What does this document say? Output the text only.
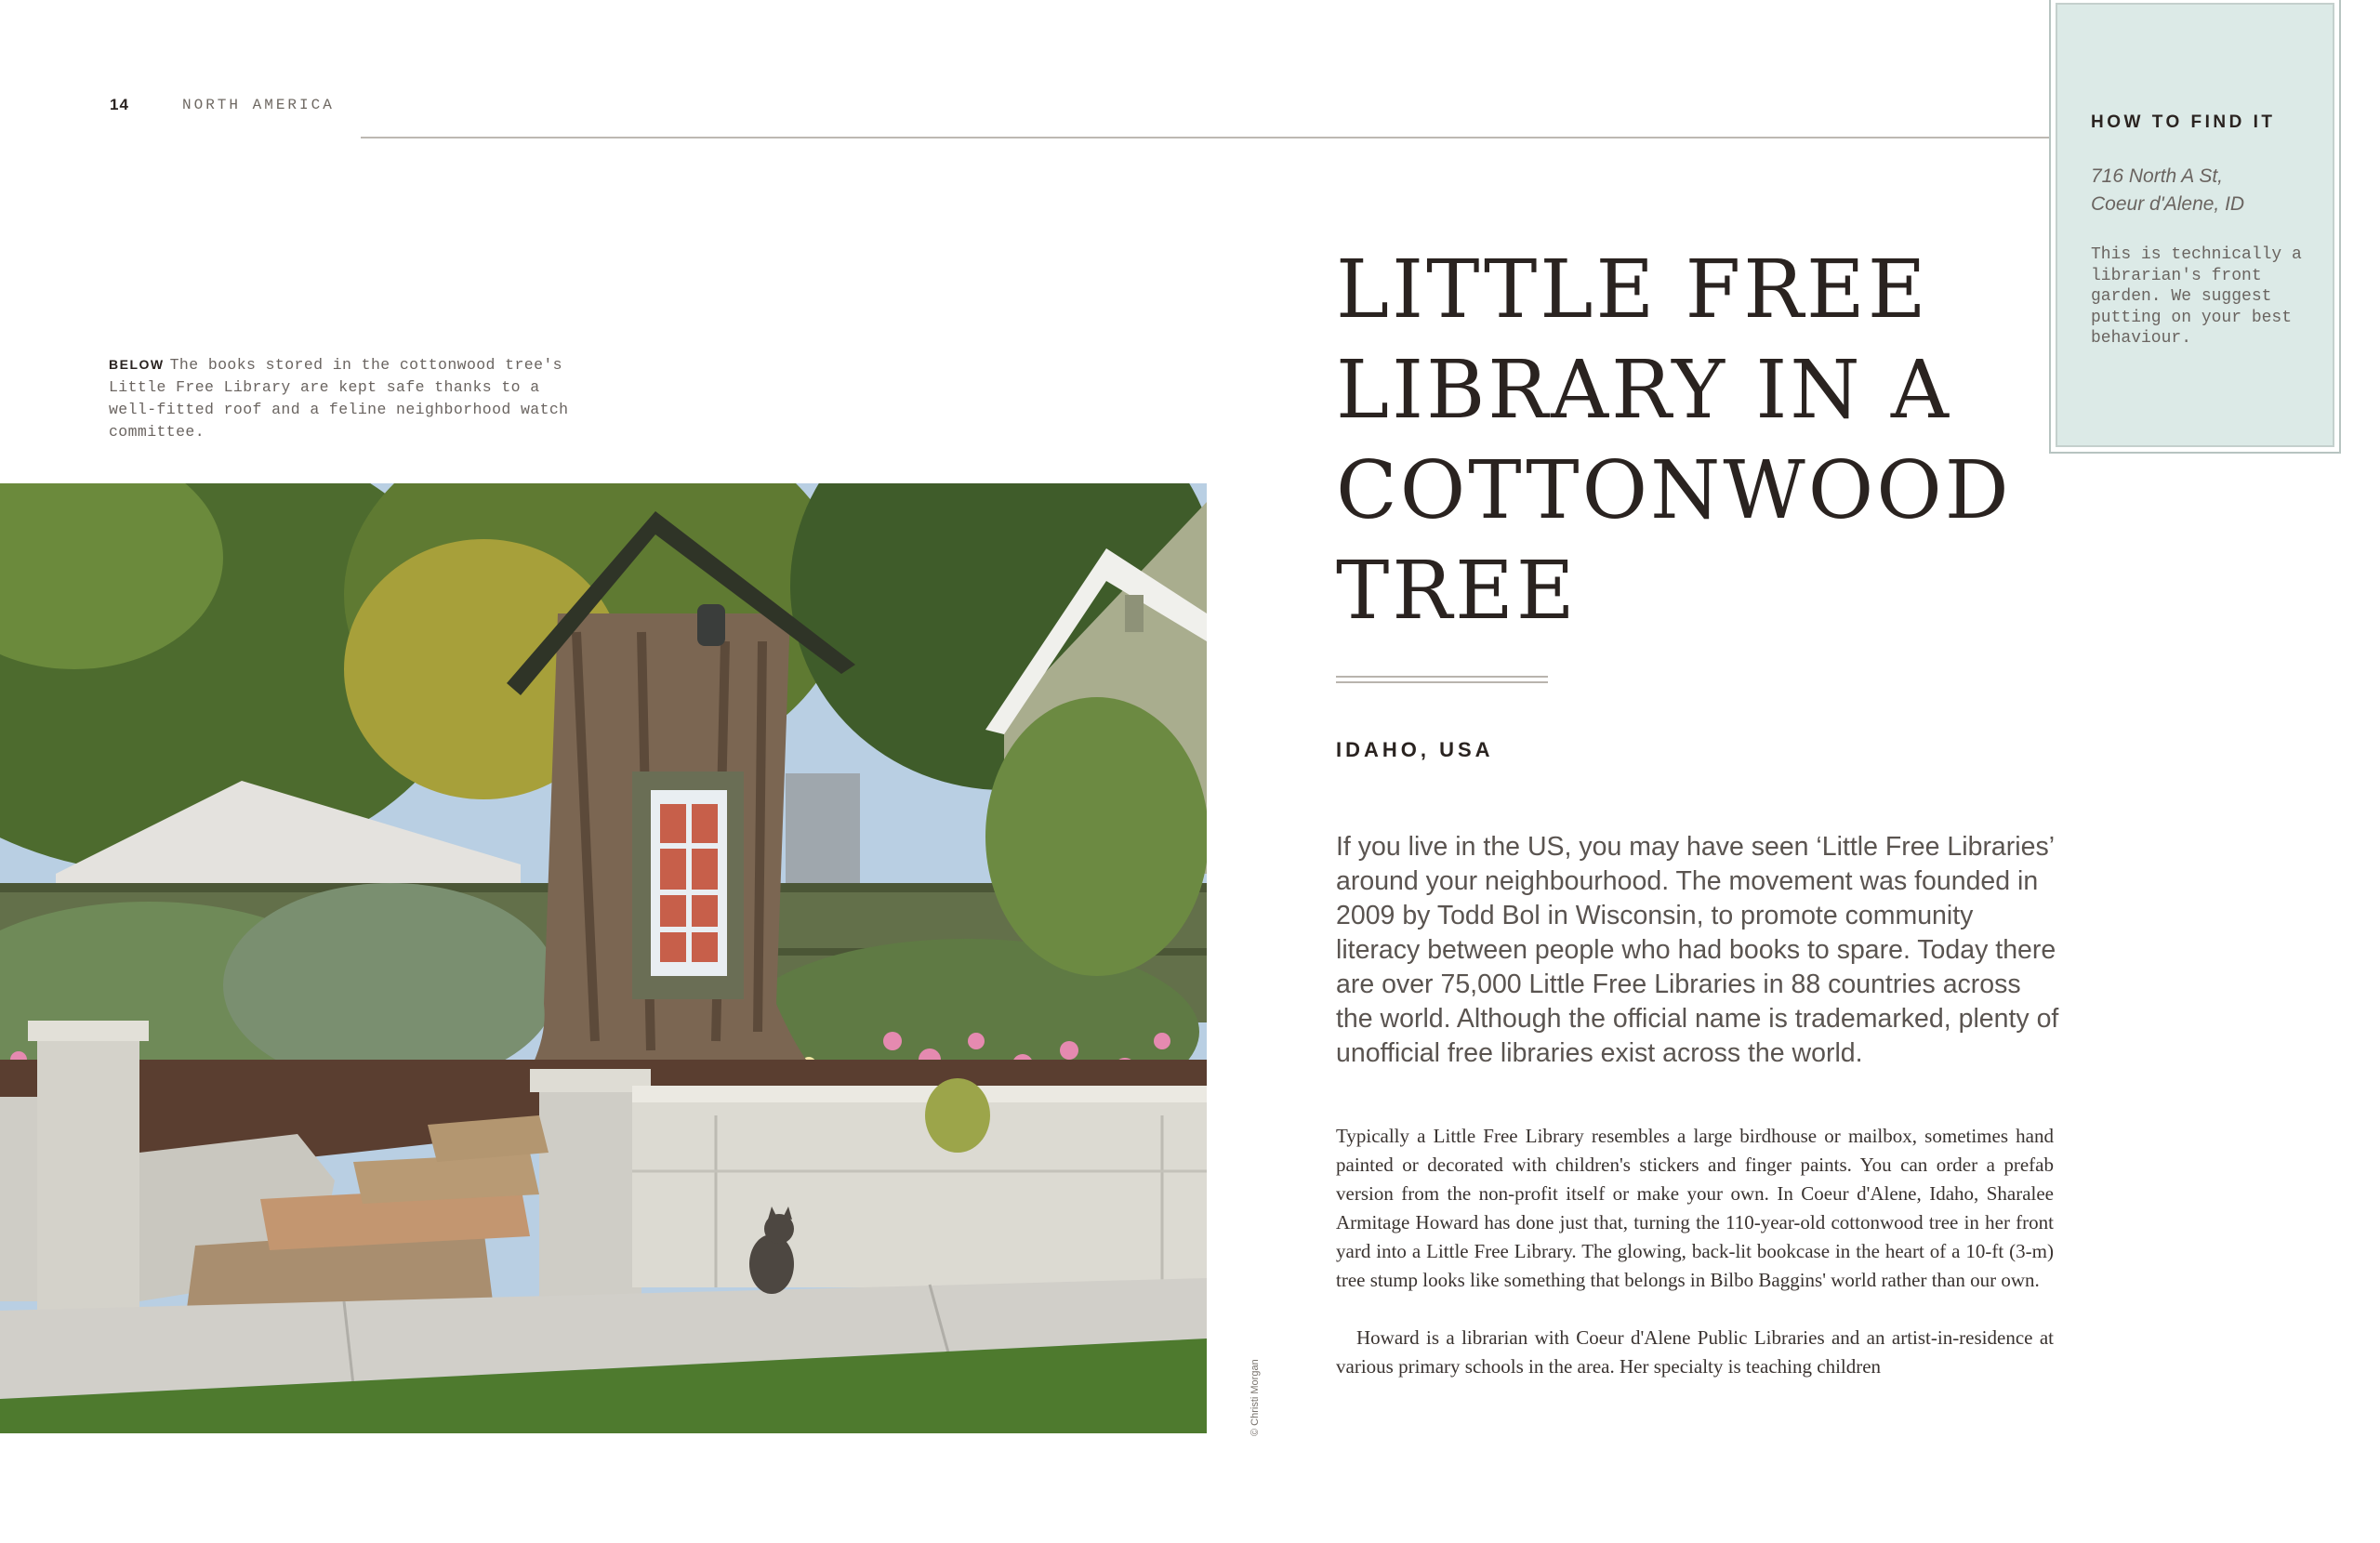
14	NORTH AMERICA
BELOW The books stored in the cottonwood tree's Little Free Library are kept safe thanks to a well-fitted roof and a feline neighborhood watch committee.
© Christi Morgan
LITTLE FREE LIBRARY IN A COTTONWOOD TREE
IDAHO, USA

If you live in the US, you may have seen ‘Little Free Libraries’ around your neighbourhood. The movement was founded in 2009 by Todd Bol in Wisconsin, to promote community literacy between people who had books to spare. Today there are over 75,000 Little Free Libraries in 88 countries across the world. Although the official name is trademarked, plenty of unofficial free libraries exist across the world.

Typically a Little Free Library resembles a large birdhouse or mailbox, sometimes hand painted or decorated with children's stickers and finger paints. You can order a prefab version from the non-profit itself or make your own. In Coeur d'Alene, Idaho, Sharalee Armitage Howard has done just that, turning the 110-year-old cottonwood tree in her front yard into a Little Free Library. The glowing, back-lit bookcase in the heart of a 10-ft (3-m) tree stump looks like something that belongs in Bilbo Baggins' world rather than our own.

Howard is a librarian with Coeur d'Alene Public Libraries and an artist-in-residence at various primary schools in the area. Her specialty is teaching children

HOW TO FIND IT
716 North A St,
Coeur d'Alene, ID
This is technically a librarian's front garden. We suggest putting on your best behaviour.
